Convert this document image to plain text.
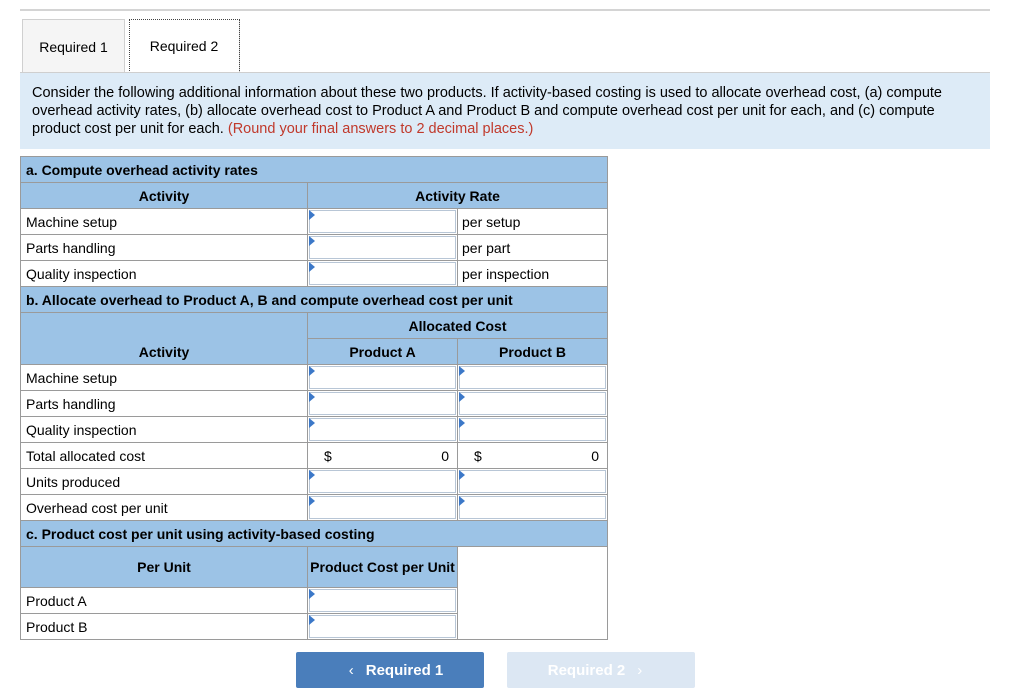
Required 1	Required 2
Consider the following additional information about these two products. If activity-based costing is used to allocate overhead cost, (a) compute overhead activity rates, (b) allocate overhead cost to Product A and Product B and compute overhead cost per unit for each, and (c) compute product cost per unit for each. (Round your final answers to 2 decimal places.)
a. Compute overhead activity rates
Activity	Activity Rate
Machine setup	per setup
Parts handling	per part
Quality inspection	per inspection
b. Allocate overhead to Product A, B and compute overhead cost per unit
Activity
Allocated Cost
Product A	Product B
Machine setup
Parts handling
Quality inspection
Total allocated cost	$	0 $	0
Units produced
Overhead cost per unit
c. Product cost per unit using activity-based costing
Per Unit	Product Cost per Unit
Product A
Product B
‹ Required 1	Required 2 ›
